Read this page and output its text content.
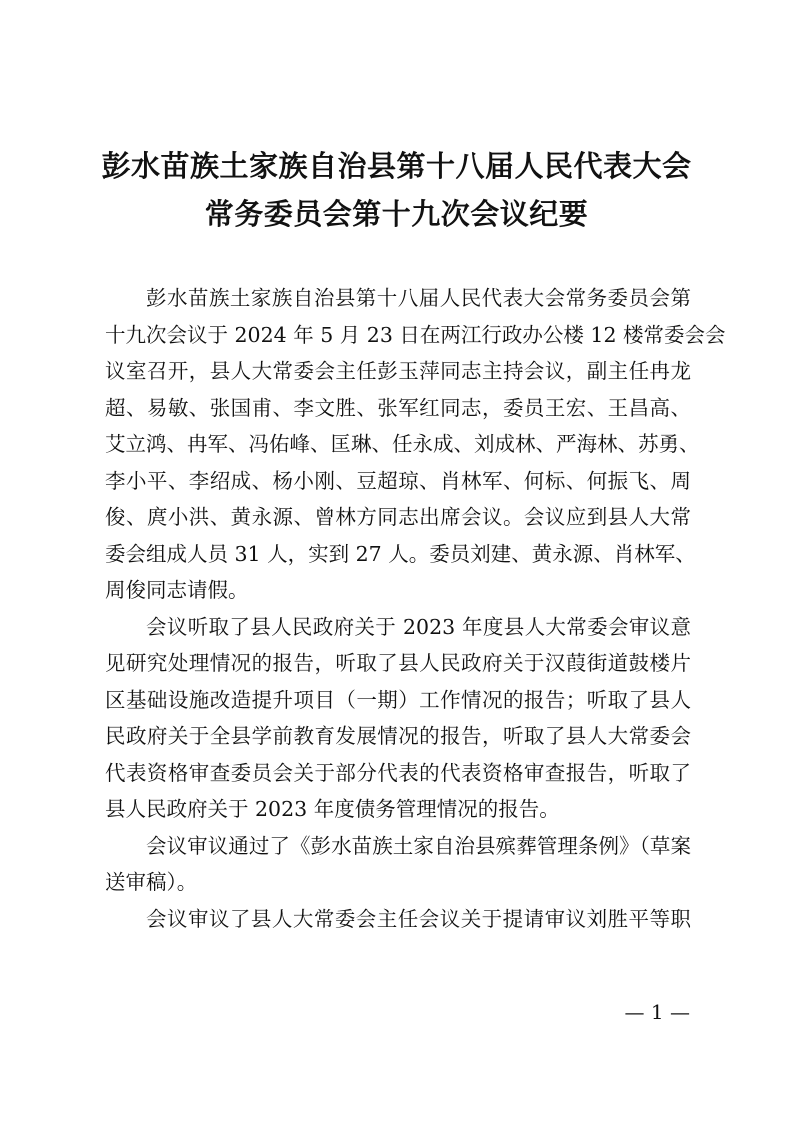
彭水苗族土家族自治县第十八届人民代表大会
常务委员会第十九次会议纪要
彭水苗族土家族自治县第十八届人民代表大会常务委员会第
十九次会议于 2024 年 5 月 23 日在两江行政办公楼 12 楼常委会会
议室召开，县人大常委会主任彭玉萍同志主持会议，副主任冉龙
超、易敏、张国甫、李文胜、张军红同志，委员王宏、王昌高、
艾立鸿、冉军、冯佑峰、匡琳、任永成、刘成林、严海林、苏勇、
李小平、李绍成、杨小刚、豆超琼、肖林军、何标、何振飞、周
俊、庹小洪、黄永源、曾林方同志出席会议。会议应到县人大常
委会组成人员 31 人，实到 27 人。委员刘建、黄永源、肖林军、
周俊同志请假。
会议听取了县人民政府关于 2023 年度县人大常委会审议意
见研究处理情况的报告，听取了县人民政府关于汉葭街道鼓楼片
区基础设施改造提升项目（一期）工作情况的报告；听取了县人
民政府关于全县学前教育发展情况的报告，听取了县人大常委会
代表资格审查委员会关于部分代表的代表资格审查报告，听取了
县人民政府关于 2023 年度债务管理情况的报告。
会议审议通过了《彭水苗族土家自治县殡葬管理条例》（草案
送审稿）。
会议审议了县人大常委会主任会议关于提请审议刘胜平等职
— 1 —
